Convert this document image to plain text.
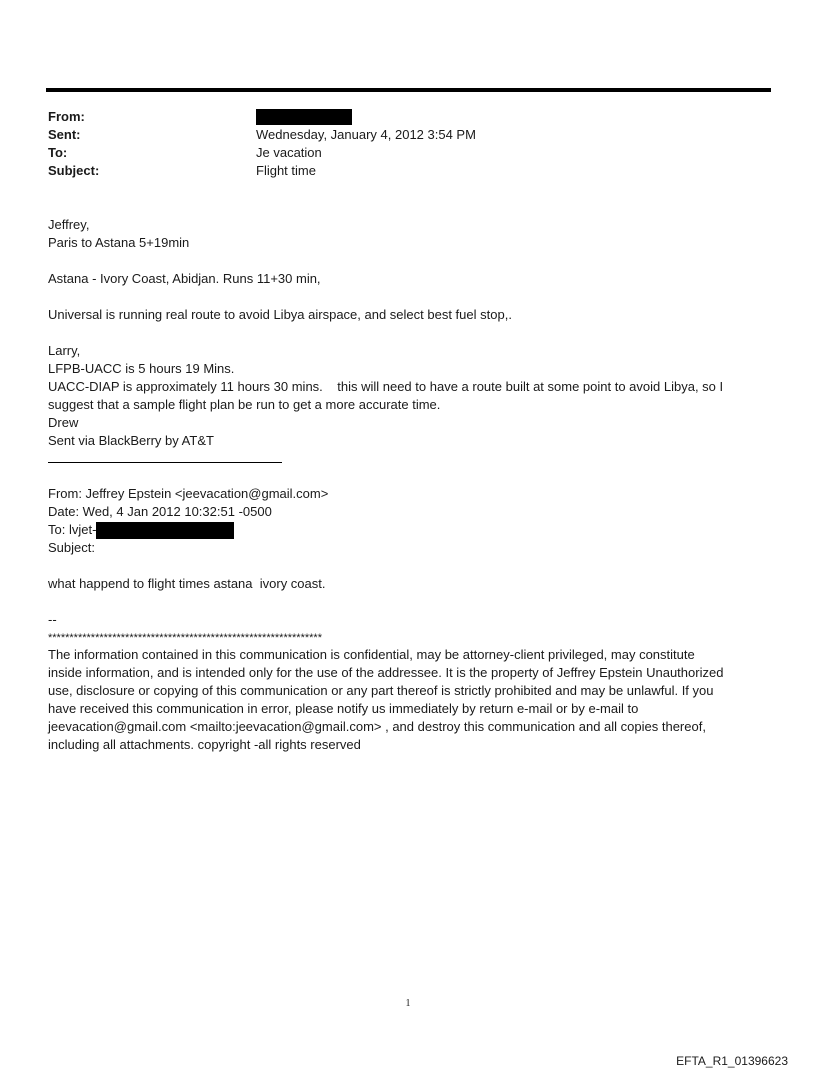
From:
Sent:	Wednesday, January 4, 2012 3:54 PM
To:	Je vacation
Subject:	Flight time
Jeffrey,
Paris to Astana 5+19min
Astana - Ivory Coast, Abidjan. Runs 11+30 min,
Universal is running real route to avoid Libya airspace, and select best fuel stop,.
Larry,
LFPB-UACC is 5 hours 19 Mins.
UACC-DIAP is approximately 11 hours 30 mins.    this will need to have a route built at some point to avoid Libya, so I
suggest that a sample flight plan be run to get a more accurate time.
Drew
Sent via BlackBerry by AT&T
From: Jeffrey Epstein <jeevacation@gmail.com>
Date: Wed, 4 Jan 2012 10:32:51 -0500
To: lvjet-
Subject:
what happend to flight times astana  ivory coast.
--
****************************************************************
The information contained in this communication is confidential, may be attorney-client privileged, may constitute
inside information, and is intended only for the use of the addressee. It is the property of Jeffrey Epstein Unauthorized
use, disclosure or copying of this communication or any part thereof is strictly prohibited and may be unlawful. If you
have received this communication in error, please notify us immediately by return e-mail or by e-mail to
jeevacation@gmail.com <mailto:jeevacation@gmail.com> , and destroy this communication and all copies thereof,
including all attachments. copyright -all rights reserved
1
EFTA_R1_01396623
